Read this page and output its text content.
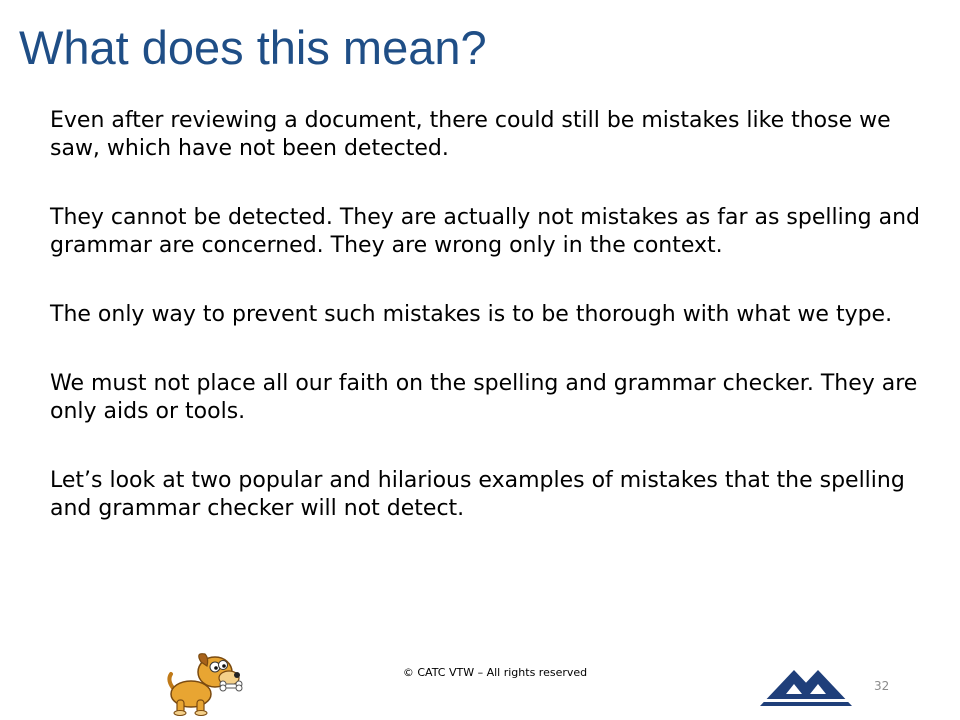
What does this mean?

Even after reviewing a document, there could still be mistakes like those we saw, which have not been detected.

They cannot be detected. They are actually not mistakes as far as spelling and grammar are concerned. They are wrong only in the context.

The only way to prevent such mistakes is to be thorough with what we type.

We must not place all our faith on the spelling and grammar checker. They are only aids or tools.

Let’s look at two popular and hilarious examples of mistakes that the spelling and grammar checker will not detect.

© CATC VTW – All rights reserved
32
